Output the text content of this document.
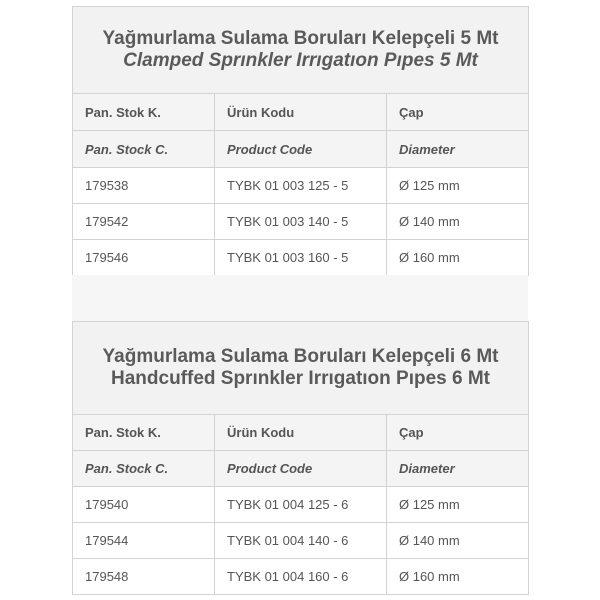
Yağmurlama Sulama Boruları Kelepçeli 5 Mt
Clamped Sprınkler Irrıgatıon Pıpes 5 Mt		

Pan. Stok K.	Ürün Kodu	Çap
Pan. Stock C.	Product Code	Diameter
179538	TYBK 01 003 125 - 5	Ø 125 mm
179542	TYBK 01 003 140 - 5	Ø 140 mm
179546	TYBK 01 003 160 - 5	Ø 160 mm
Yağmurlama Sulama Boruları Kelepçeli 6 Mt
Handcuffed Sprınkler Irrıgatıon Pıpes 6 Mt		

Pan. Stok K.	Ürün Kodu	Çap
Pan. Stock C.	Product Code	Diameter
179540	TYBK 01 004 125 - 6	Ø 125 mm
179544	TYBK 01 004 140 - 6	Ø 140 mm
179548	TYBK 01 004 160 - 6	Ø 160 mm
